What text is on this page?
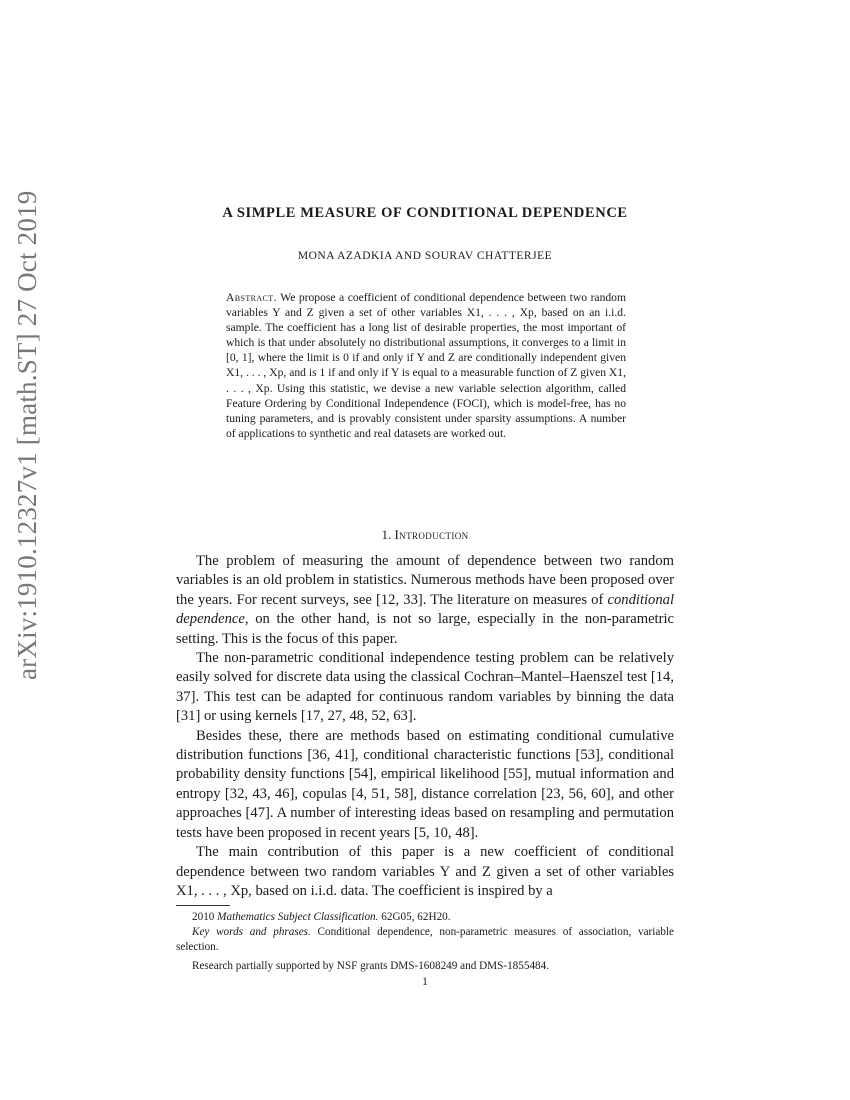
arXiv:1910.12327v1 [math.ST] 27 Oct 2019	A SIMPLE MEASURE OF CONDITIONAL DEPENDENCE
MONA AZADKIA AND SOURAV CHATTERJEE
Abstract. We propose a coefficient of conditional dependence between two random variables Y and Z given a set of other variables X1, . . . , Xp, based on an i.i.d. sample. The coefficient has a long list of desirable properties, the most important of which is that under absolutely no distributional assumptions, it converges to a limit in [0, 1], where the limit is 0 if and only if Y and Z are conditionally independent given X1, . . . , Xp, and is 1 if and only if Y is equal to a measurable function of Z given X1, . . . , Xp. Using this statistic, we devise a new variable selection algorithm, called Feature Ordering by Conditional Independence (FOCI), which is model-free, has no tuning parameters, and is provably consistent under sparsity assumptions. A number of applications to synthetic and real datasets are worked out.
1. Introduction

The problem of measuring the amount of dependence between two random variables is an old problem in statistics. Numerous methods have been proposed over the years. For recent surveys, see [12, 33]. The literature on measures of conditional dependence, on the other hand, is not so large, especially in the non-parametric setting. This is the focus of this paper.

The non-parametric conditional independence testing problem can be relatively easily solved for discrete data using the classical Cochran–Mantel–Haenszel test [14, 37]. This test can be adapted for continuous random variables by binning the data [31] or using kernels [17, 27, 48, 52, 63].

Besides these, there are methods based on estimating conditional cumulative distribution functions [36, 41], conditional characteristic functions [53], conditional probability density functions [54], empirical likelihood [55], mutual information and entropy [32, 43, 46], copulas [4, 51, 58], distance correlation [23, 56, 60], and other approaches [47]. A number of interesting ideas based on resampling and permutation tests have been proposed in recent years [5, 10, 48].

The main contribution of this paper is a new coefficient of conditional dependence between two random variables Y and Z given a set of other variables X1, . . . , Xp, based on i.i.d. data. The coefficient is inspired by a

2010 Mathematics Subject Classification. 62G05, 62H20.

Key words and phrases. Conditional dependence, non-parametric measures of association, variable selection.

Research partially supported by NSF grants DMS-1608249 and DMS-1855484.

1
